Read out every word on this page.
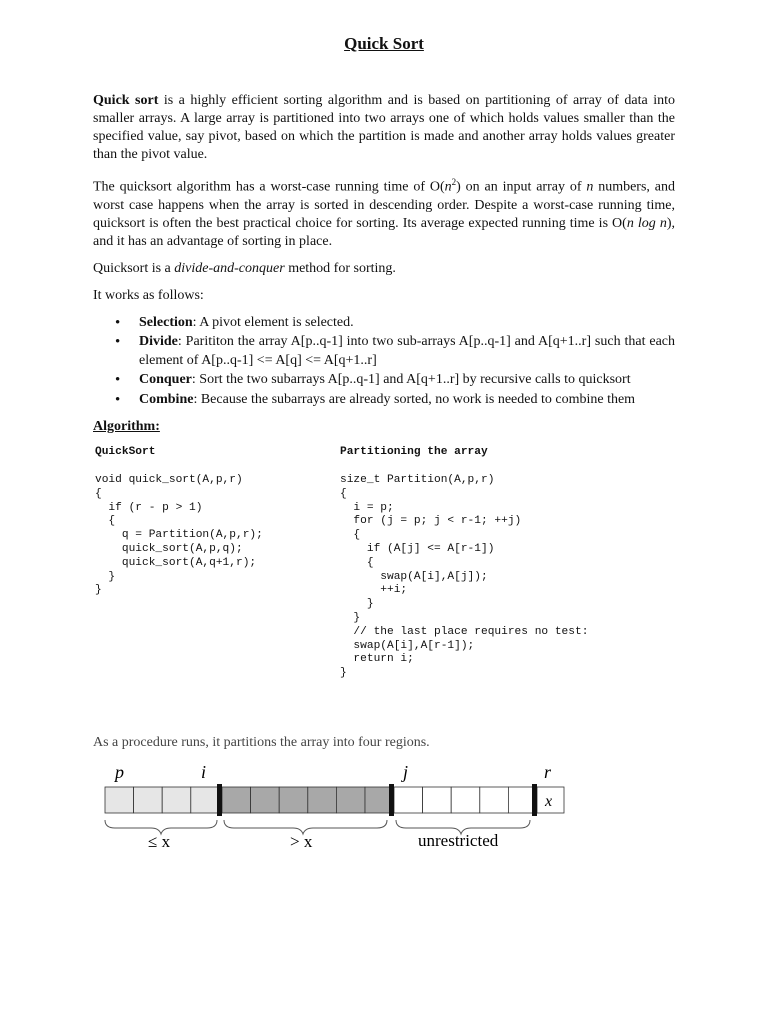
Quick Sort

Quick sort is a highly efficient sorting algorithm and is based on partitioning of array of data into smaller arrays. A large array is partitioned into two arrays one of which holds values smaller than the specified value, say pivot, based on which the partition is made and another array holds values greater than the pivot value.

The quicksort algorithm has a worst-case running time of $O(n^2)$ on an input array of n numbers, and worst case happens when the array is sorted in descending order. Despite a worst-case running time, quicksort is often the best practical choice for sorting. Its average expected running time is O(n log n), and it has an advantage of sorting in place.

Quicksort is a divide-and-conquer method for sorting.

It works as follows:

• Selection: A pivot element is selected.
• Divide: Parititon the array A[p..q-1] into two sub-arrays A[p..q-1] and A[q+1..r] such that each element of A[p..q-1] <= A[q] <= A[q+1..r]
• Conquer: Sort the two subarrays A[p..q-1] and A[q+1..r] by recursive calls to quicksort
• Combine: Because the subarrays are already sorted, no work is needed to combine them
Algorithm:
QuickSort
void quick_sort(A,p,r)
{
if (r - p > 1)
{
q = Partition(A,p,r);
quick_sort(A,p,q);
quick_sort(A,q+1,r);
}
}
Partitioning the array
size_t Partition(A,p,r)
{
i = p;
for (j = p; j < r-1; ++j)
{
if (A[j] <= A[r-1])
{
swap(A[i],A[j]);
++i;
}
}
// the last place requires no test:
swap(A[i],A[r-1]);
return i;
}
As a procedure runs, it partitions the array into four regions.
p	i	j	r
x
≤ x	> x	unrestricted
